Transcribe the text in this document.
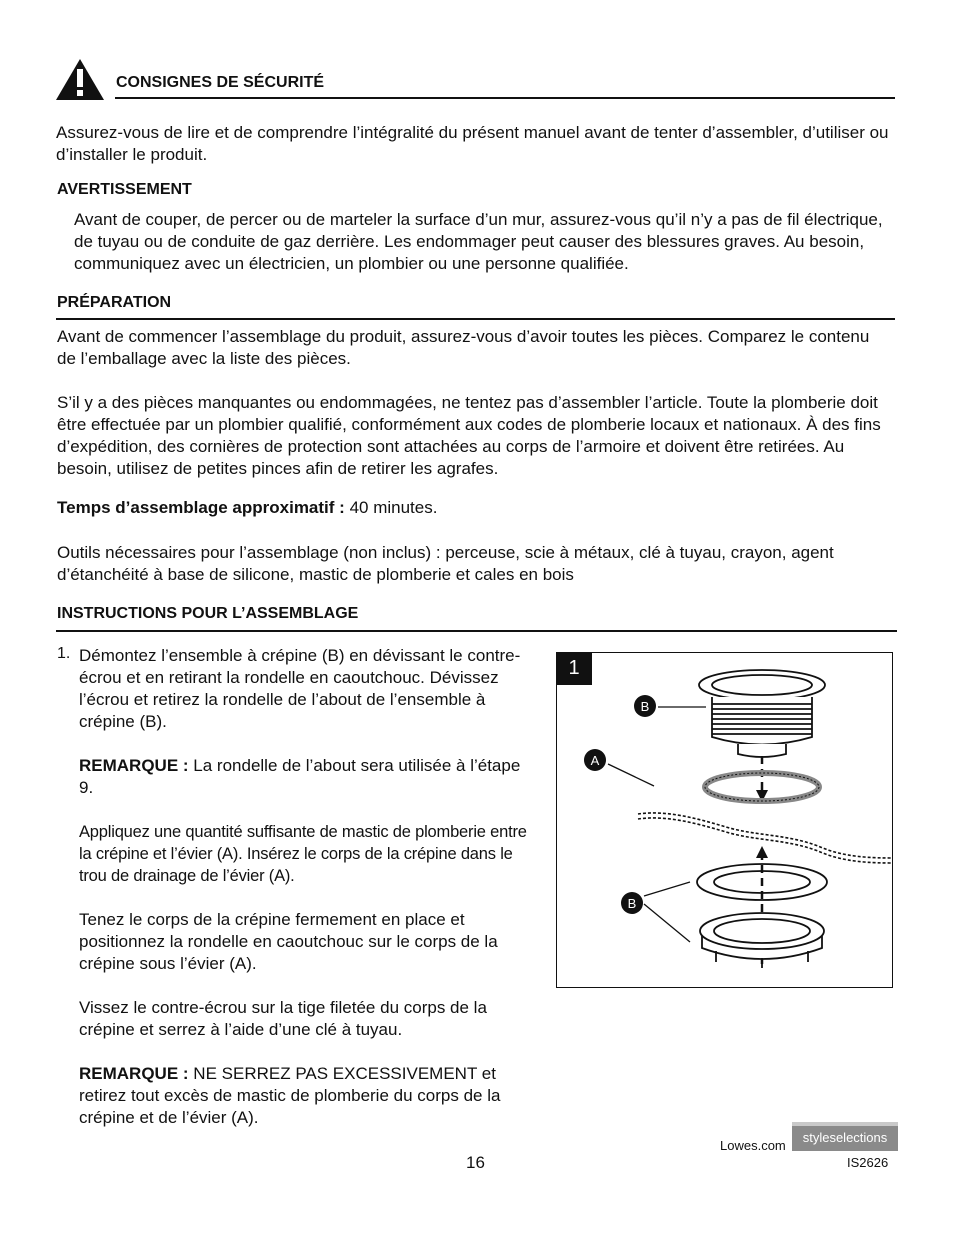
CONSIGNES DE SÉCURITÉ
Assurez-vous de lire et de comprendre l’intégralité du présent manuel avant de tenter d’assembler, d’utiliser ou d’installer le produit.
AVERTISSEMENT
Avant de couper, de percer ou de marteler la surface d’un mur, assurez-vous qu’il n’y a pas de fil électrique, de tuyau ou de conduite de gaz derrière. Les endommager peut causer des blessures graves. Au besoin, communiquez avec un électricien, un plombier ou une personne qualifiée.
PRÉPARATION
Avant de commencer l’assemblage du produit, assurez-vous d’avoir toutes les pièces. Comparez le contenu de l’emballage avec la liste des pièces.
S’il y a des pièces manquantes ou endommagées, ne tentez pas d’assembler l’article. Toute la plomberie doit être effectuée par un plombier qualifié, conformément aux codes de plomberie locaux et nationaux. À des fins d’expédition, des cornières de protection sont attachées au corps de l’armoire et doivent être retirées. Au besoin, utilisez de petites pinces afin de retirer les agrafes.
Temps d’assemblage approximatif : 40 minutes.
Outils nécessaires pour l’assemblage (non inclus) : perceuse, scie à métaux, clé à tuyau, crayon, agent d’étanchéité à base de silicone, mastic de plomberie et cales en bois
INSTRUCTIONS POUR L’ASSEMBLAGE
1. Démontez l’ensemble à crépine (B) en dévissant le contre-écrou et en retirant la rondelle en caoutchouc. Dévissez l’écrou et retirez la rondelle de l’about de l’ensemble à crépine (B).

REMARQUE : La rondelle de l’about sera utilisée à l’étape 9.

Appliquez une quantité suffisante de mastic de plomberie entre la crépine et l’évier (A). Insérez le corps de la crépine dans le trou de drainage de l’évier (A).

Tenez le corps de la crépine fermement en place et positionnez la rondelle en caoutchouc sur le corps de la crépine sous l’évier (A).

Vissez le contre-écrou sur la tige filetée du corps de la crépine et serrez à l’aide d’une clé à tuyau.

REMARQUE : NE SERREZ PAS EXCESSIVEMENT et retirez tout excès de mastic de plomberie du corps de la crépine et de l’évier (A).

B
A
B
1
16
Lowes.com
styleselections
IS2626
